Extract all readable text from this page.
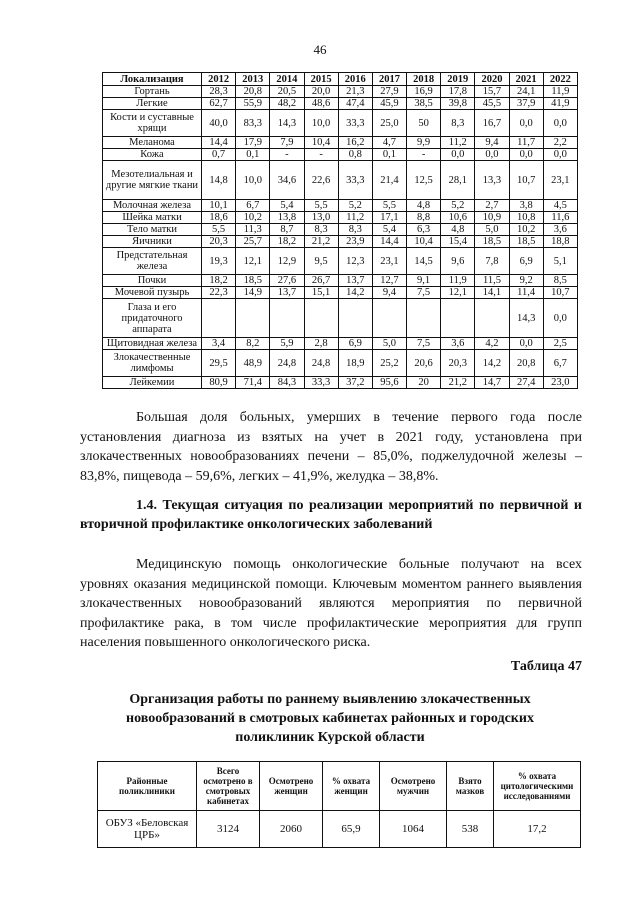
46
Локализация	2012	2013	2014	2015	2016	2017	2018	2019	2020	2021	2022
Гортань	28,3	20,8	20,5	20,0	21,3	27,9	16,9	17,8	15,7	24,1	11,9
Легкие	62,7	55,9	48,2	48,6	47,4	45,9	38,5	39,8	45,5	37,9	41,9
Кости и суставные хрящи	40,0	83,3	14,3	10,0	33,3	25,0	50	8,3	16,7	0,0	0,0
Меланома	14,4	17,9	7,9	10,4	16,2	4,7	9,9	11,2	9,4	11,7	2,2
Кожа	0,7	0,1	-	-	0,8	0,1	-	0,0	0,0	0,0	0,0
Мезотелиальная и другие мягкие ткани	14,8	10,0	34,6	22,6	33,3	21,4	12,5	28,1	13,3	10,7	23,1
Молочная железа	10,1	6,7	5,4	5,5	5,2	5,5	4,8	5,2	2,7	3,8	4,5
Шейка матки	18,6	10,2	13,8	13,0	11,2	17,1	8,8	10,6	10,9	10,8	11,6
Тело матки	5,5	11,3	8,7	8,3	8,3	5,4	6,3	4,8	5,0	10,2	3,6
Яичники	20,3	25,7	18,2	21,2	23,9	14,4	10,4	15,4	18,5	18,5	18,8
Предстательная железа	19,3	12,1	12,9	9,5	12,3	23,1	14,5	9,6	7,8	6,9	5,1
Почки	18,2	18,5	27,6	26,7	13,7	12,7	9,1	11,9	11,5	9,2	8,5
Мочевой пузырь	22,3	14,9	13,7	15,1	14,2	9,4	7,5	12,1	14,1	11,4	10,7
Глаза и его придаточного аппарата										14,3	0,0
Щитовидная железа	3,4	8,2	5,9	2,8	6,9	5,0	7,5	3,6	4,2	0,0	2,5
Злокачественные лимфомы	29,5	48,9	24,8	24,8	18,9	25,2	20,6	20,3	14,2	20,8	6,7
Лейкемии	80,9	71,4	84,3	33,3	37,2	95,6	20	21,2	14,7	27,4	23,0

Большая доля больных, умерших в течение первого года после установления диагноза из взятых на учет в 2021 году, установлена при злокачественных новообразованиях печени – 85,0%, поджелудочной железы – 83,8%, пищевода – 59,6%, легких – 41,9%, желудка – 38,8%.

1.4. Текущая ситуация по реализации мероприятий по первичной и вторичной профилактике онкологических заболеваний

Медицинскую помощь онкологические больные получают на всех уровнях оказания медицинской помощи. Ключевым моментом раннего выявления злокачественных новообразований являются мероприятия по первичной профилактике рака, в том числе профилактические мероприятия для групп населения повышенного онкологического риска.

Таблица 47
Организация работы по раннему выявлению злокачественных новообразований в смотровых кабинетах районных и городских поликлиник Курской области
Районные поликлиники	Всего осмотрено в смотровых кабинетах	Осмотрено женщин	% охвата женщин	Осмотрено мужчин	Взято мазков	% охвата цитологическими исследованиями
ОБУЗ «Беловская ЦРБ»	3124	2060	65,9	1064	538	17,2
